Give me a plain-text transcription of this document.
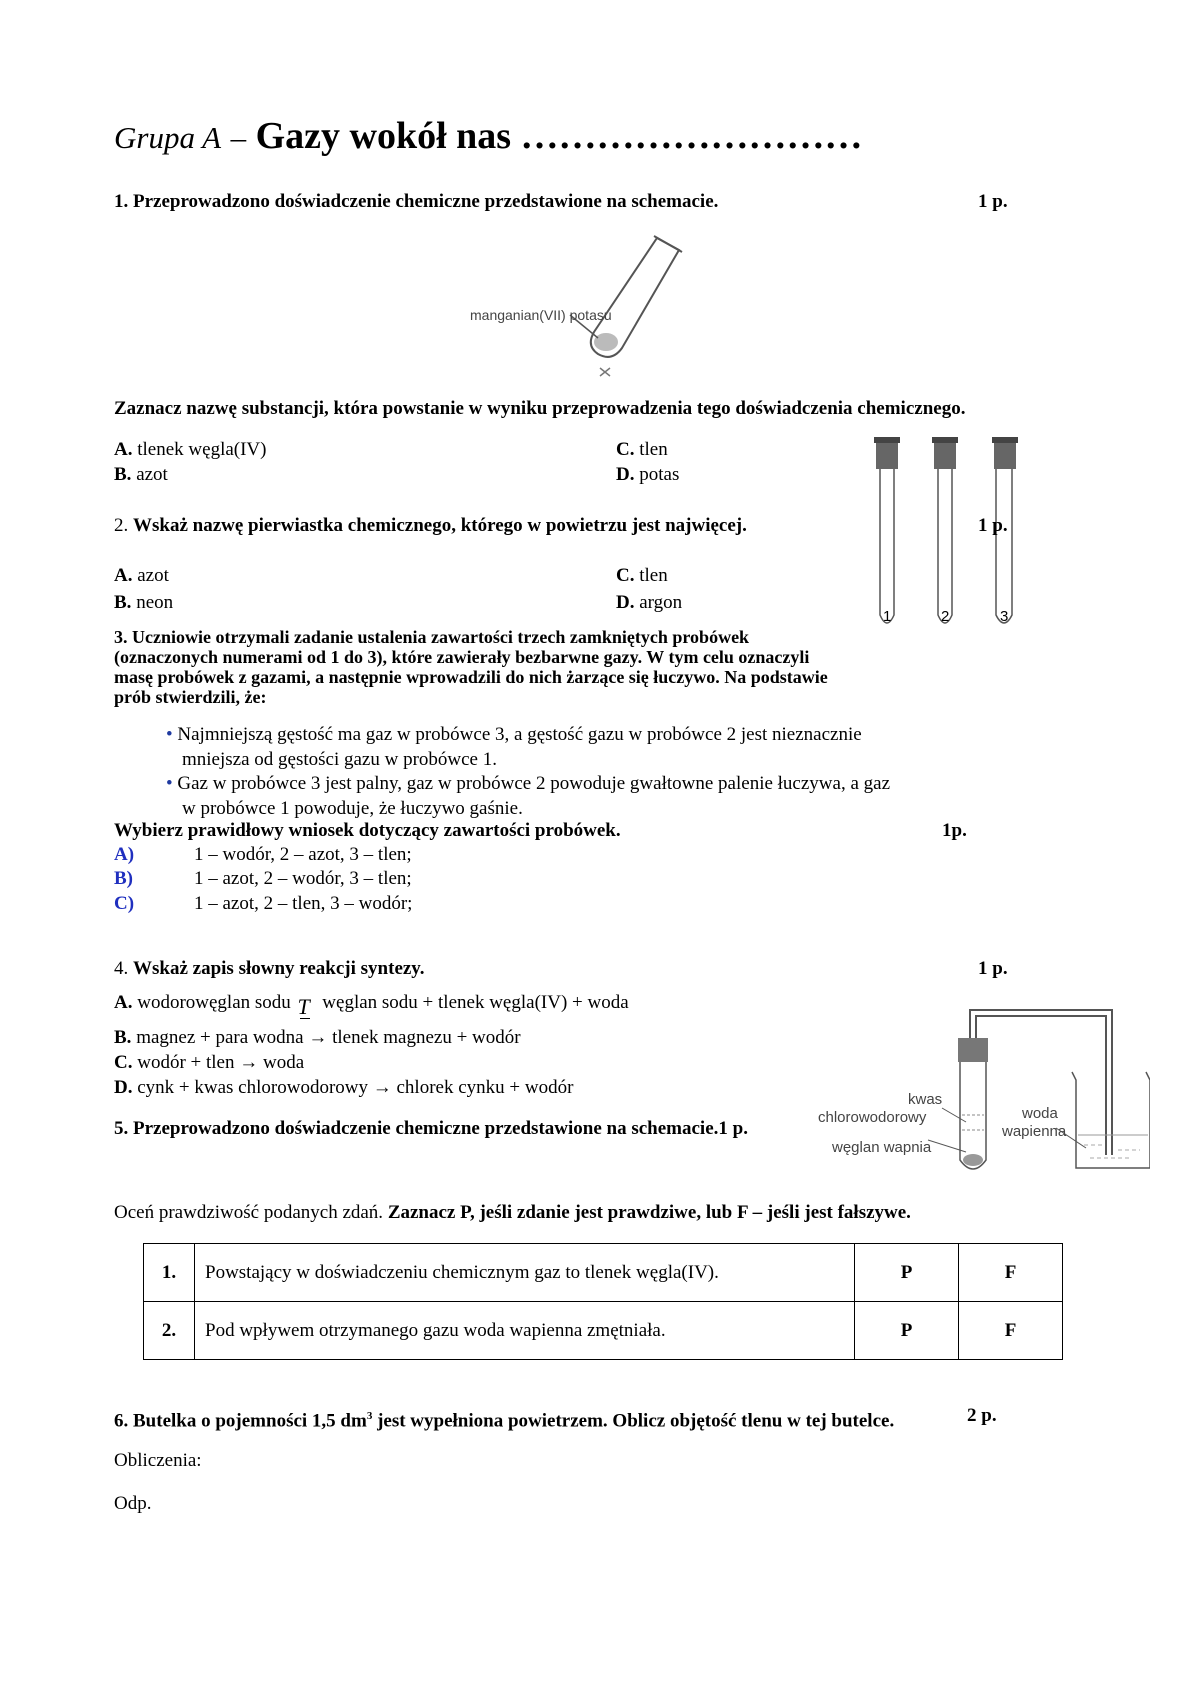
Grupa A – Gazy wokół nas ………………………
1. Przeprowadzono doświadczenie chemiczne przedstawione na schemacie.	1 p.
manganian(VII) potasu
Zaznacz nazwę substancji, która powstanie w wyniku przeprowadzenia tego doświadczenia chemicznego.
A. tlenek węgla(IV)	C. tlen
B. azot	D. potas
1	2	3
2. Wskaż nazwę pierwiastka chemicznego, którego w powietrzu jest najwięcej.	1 p.
A. azot	C. tlen
B. neon	D. argon
3. Uczniowie otrzymali zadanie ustalenia zawartości trzech zamkniętych probówek
(oznaczonych numerami od 1 do 3), które zawierały bezbarwne gazy. W tym celu oznaczyli
masę probówek z gazami, a następnie wprowadzili do nich żarzące się łuczywo. Na podstawie
prób stwierdzili, że:
• Najmniejszą gęstość ma gaz w probówce 3, a gęstość gazu w probówce 2 jest nieznacznie
mniejsza od gęstości gazu w probówce 1.
• Gaz w probówce 3 jest palny, gaz w probówce 2 powoduje gwałtowne palenie łuczywa, a gaz
w probówce 1 powoduje, że łuczywo gaśnie.
Wybierz prawidłowy wniosek dotyczący zawartości probówek.	1p.
A)	1 – wodór, 2 – azot, 3 – tlen;
B)	1 – azot, 2 – wodór, 3 – tlen;
C)	1 – azot, 2 – tlen, 3 – wodór;
4. Wskaż zapis słowny reakcji syntezy.	1 p.
A. wodorowęglan sodu T węglan sodu + tlenek węgla(IV) + woda
B. magnez + para wodna → tlenek magnezu + wodór
C. wodór + tlen → woda
D. cynk + kwas chlorowodorowy → chlorek cynku + wodór
5. Przeprowadzono doświadczenie chemiczne przedstawione na schemacie.1 p.
kwas
chlorowodorowy
węglan wapnia
woda
wapienna
Oceń prawdziwość podanych zdań. Zaznacz P, jeśli zdanie jest prawdziwe, lub F – jeśli jest fałszywe.
1.	Powstający w doświadczeniu chemicznym gaz to tlenek węgla(IV).	P	F
2.	Pod wpływem otrzymanego gazu woda wapienna zmętniała.	P	F
6. Butelka o pojemności 1,5 $dm^3$ jest wypełniona powietrzem. Oblicz objętość tlenu w tej butelce.	2 p.
Obliczenia:
Odp.
